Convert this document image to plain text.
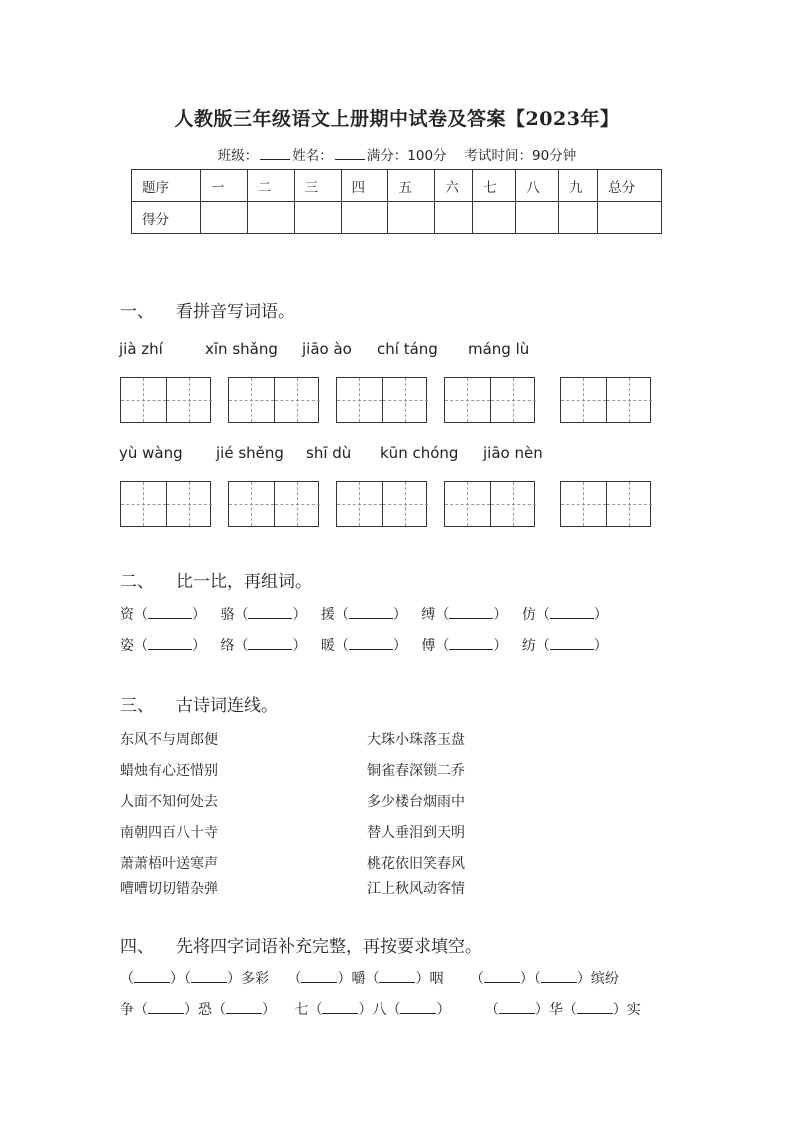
人教版三年级语文上册期中试卷及答案【2023年】
班级：	姓名：	满分：100分 考试时间：90分钟
题序	一	二	三	四	五	六	七	八	九	总分
得分										
一、 看拼音写词语。
jià zhí	xīn shǎng jiāo ào chí táng máng lù
yù wàng jié shěng shī dù kūn chóng jiāo nèn
二、 比一比，再组词。
资（	） 骆（	） 援（	） 缚（	） 仿（	）
姿（	） 络（	） 暖（	） 傅（	） 纺（	）
三、 古诗词连线。
东风不与周郎便
蜡烛有心还惜别
人面不知何处去
南朝四百八十寺
萧萧梧叶送寒声
嘈嘈切切错杂弹
大珠小珠落玉盘
铜雀春深锁二乔
多少楼台烟雨中
替人垂泪到天明
桃花依旧笑春风
江上秋风动客情
四、 先将四字词语补充完整，再按要求填空。
（	）（	）多彩 （	）嚼（	）咽 （	）（	）缤纷
争（	）恐（	） 七（	）八（	） （	）华（	）实
